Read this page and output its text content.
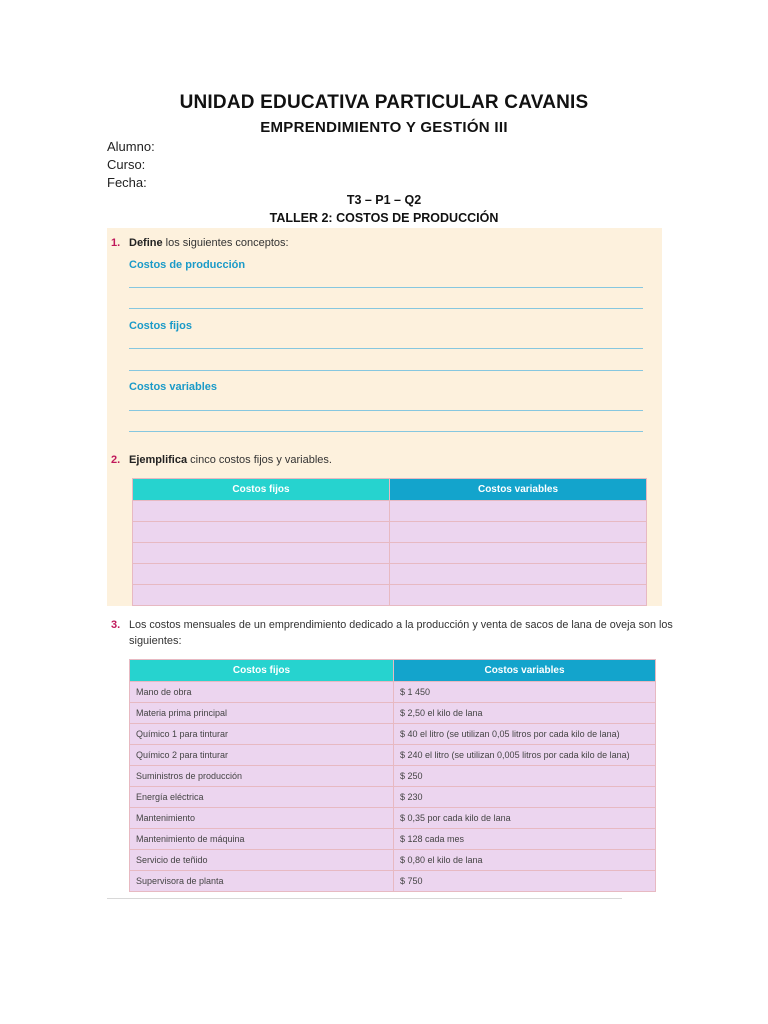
UNIDAD EDUCATIVA PARTICULAR CAVANIS
EMPRENDIMIENTO Y GESTIÓN III
Alumno:
Curso:
Fecha:
T3 – P1 – Q2
TALLER 2: COSTOS DE PRODUCCIÓN
1. Define los siguientes conceptos:
Costos de producción
Costos fijos
Costos variables
2. Ejemplifica cinco costos fijos y variables.
Costos fijos	Costos variables

3. Los costos mensuales de un emprendimiento dedicado a la producción y venta de sacos de lana de oveja son los
siguientes:
Costos fijos	Costos variables
Mano de obra	$ 1 450
Materia prima principal	$ 2,50 el kilo de lana
Químico 1 para tinturar	$ 40 el litro (se utilizan 0,05 litros por cada kilo de lana)
Químico 2 para tinturar	$ 240 el litro (se utilizan 0,005 litros por cada kilo de lana)
Suministros de producción	$ 250
Energía eléctrica	$ 230
Mantenimiento	$ 0,35 por cada kilo de lana
Mantenimiento de máquina	$ 128 cada mes
Servicio de teñido	$ 0,80 el kilo de lana
Supervisora de planta	$ 750
